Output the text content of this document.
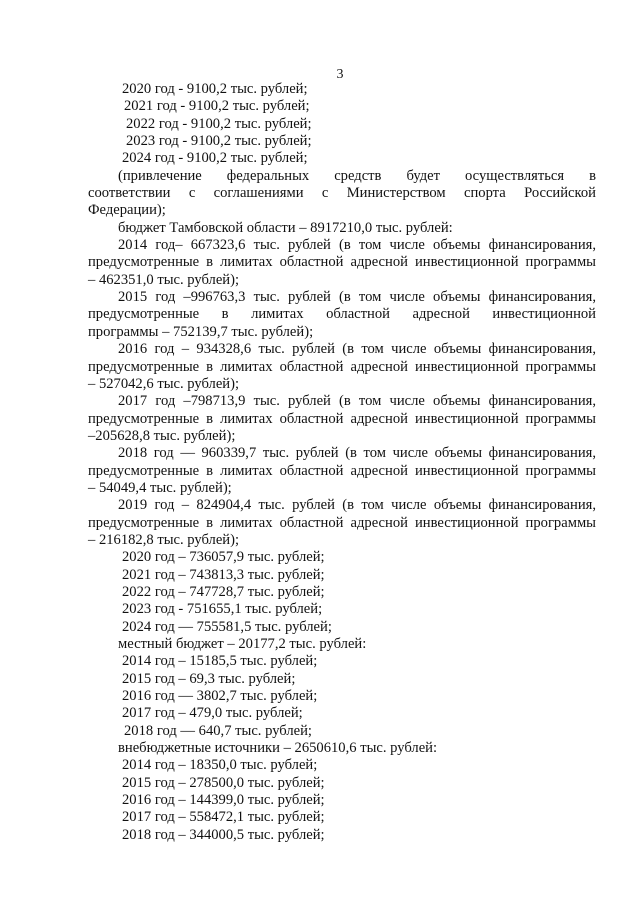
3
2020 год - 9100,2 тыс. рублей;
2021 год - 9100,2 тыс. рублей;
2022 год - 9100,2 тыс. рублей;
2023 год - 9100,2 тыс. рублей;
2024 год - 9100,2 тыс. рублей;
(привлечение федеральных средств будет осуществляться в
соответствии с соглашениями с Министерством спорта Российской
Федерации);
бюджет Тамбовской области – 8917210,0 тыс. рублей:
2014 год– 667323,6 тыс. рублей (в том числе объемы финансирования,
предусмотренные в лимитах областной адресной инвестиционной программы
– 462351,0 тыс. рублей);
2015 год –996763,3 тыс. рублей (в том числе объемы финансирования,
предусмотренные в лимитах областной адресной инвестиционной
программы – 752139,7 тыс. рублей);
2016 год – 934328,6 тыс. рублей (в том числе объемы финансирования,
предусмотренные в лимитах областной адресной инвестиционной программы
– 527042,6 тыс. рублей);
2017 год –798713,9 тыс. рублей (в том числе объемы финансирования,
предусмотренные в лимитах областной адресной инвестиционной программы
–205628,8 тыс. рублей);
2018 год — 960339,7 тыс. рублей (в том числе объемы финансирования,
предусмотренные в лимитах областной адресной инвестиционной программы
– 54049,4 тыс. рублей);
2019 год – 824904,4 тыс. рублей (в том числе объемы финансирования,
предусмотренные в лимитах областной адресной инвестиционной программы
– 216182,8 тыс. рублей);
2020 год – 736057,9 тыс. рублей;
2021 год – 743813,3 тыс. рублей;
2022 год – 747728,7 тыс. рублей;
2023 год - 751655,1 тыс. рублей;
2024 год — 755581,5 тыс. рублей;
местный бюджет – 20177,2 тыс. рублей:
2014 год – 15185,5 тыс. рублей;
2015 год – 69,3 тыс. рублей;
2016 год — 3802,7 тыс. рублей;
2017 год – 479,0 тыс. рублей;
2018 год — 640,7 тыс. рублей;
внебюджетные источники – 2650610,6 тыс. рублей:
2014 год – 18350,0 тыс. рублей;
2015 год – 278500,0 тыс. рублей;
2016 год – 144399,0 тыс. рублей;
2017 год – 558472,1 тыс. рублей;
2018 год – 344000,5 тыс. рублей;
